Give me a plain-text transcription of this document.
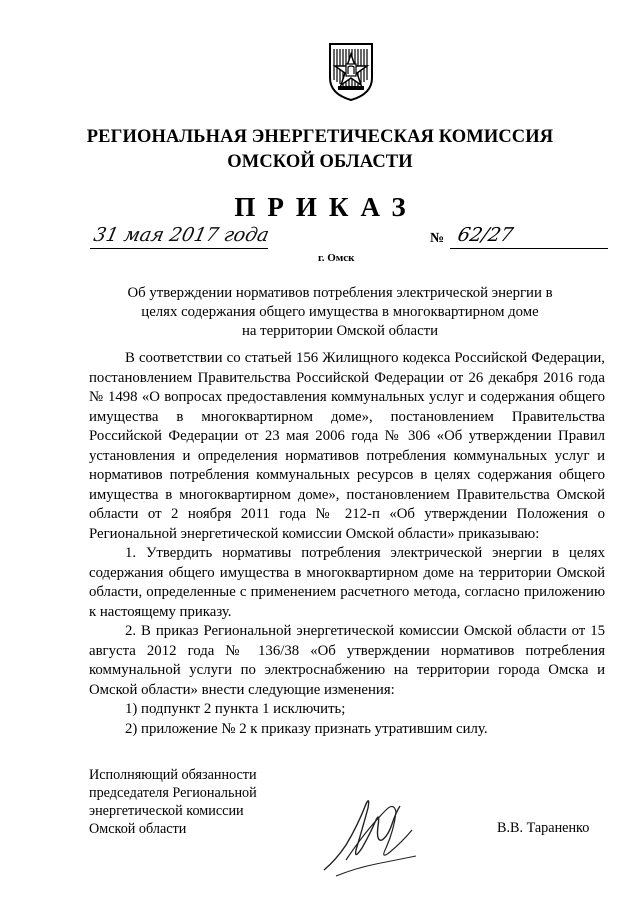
РЕГИОНАЛЬНАЯ ЭНЕРГЕТИЧЕСКАЯ КОМИССИЯ
ОМСКОЙ ОБЛАСТИ
ПРИКАЗ
31 мая 2017 года
г. Омск
№ 62/27
Об утверждении нормативов потребления электрической энергии в
целях содержания общего имущества в многоквартирном доме
на территории Омской области

В соответствии со статьей 156 Жилищного кодекса Российской Федерации, постановлением Правительства Российской Федерации от 26 декабря 2016 года № 1498 «О вопросах предоставления коммунальных услуг и содержания общего имущества в многоквартирном доме», постановлением Правительства Российской Федерации от 23 мая 2006 года № 306 «Об утверждении Правил установления и определения нормативов потребления коммунальных услуг и нормативов потребления коммунальных ресурсов в целях содержания общего имущества в многоквартирном доме», постановлением Правительства Омской области от 2 ноября 2011 года № 212-п «Об утверждении Положения о Региональной энергетической комиссии Омской области» приказываю:

1. Утвердить нормативы потребления электрической энергии в целях содержания общего имущества в многоквартирном доме на территории Омской области, определенные с применением расчетного метода, согласно приложению к настоящему приказу.

2. В приказ Региональной энергетической комиссии Омской области от 15 августа 2012 года № 136/38 «Об утверждении нормативов потребления коммунальной услуги по электроснабжению на территории города Омска и Омской области» внести следующие изменения:

1) подпункт 2 пункта 1 исключить;

2) приложение № 2 к приказу признать утратившим силу.

Исполняющий обязанности
председателя Региональной
энергетической комиссии
Омской области	В.В. Тараненко
